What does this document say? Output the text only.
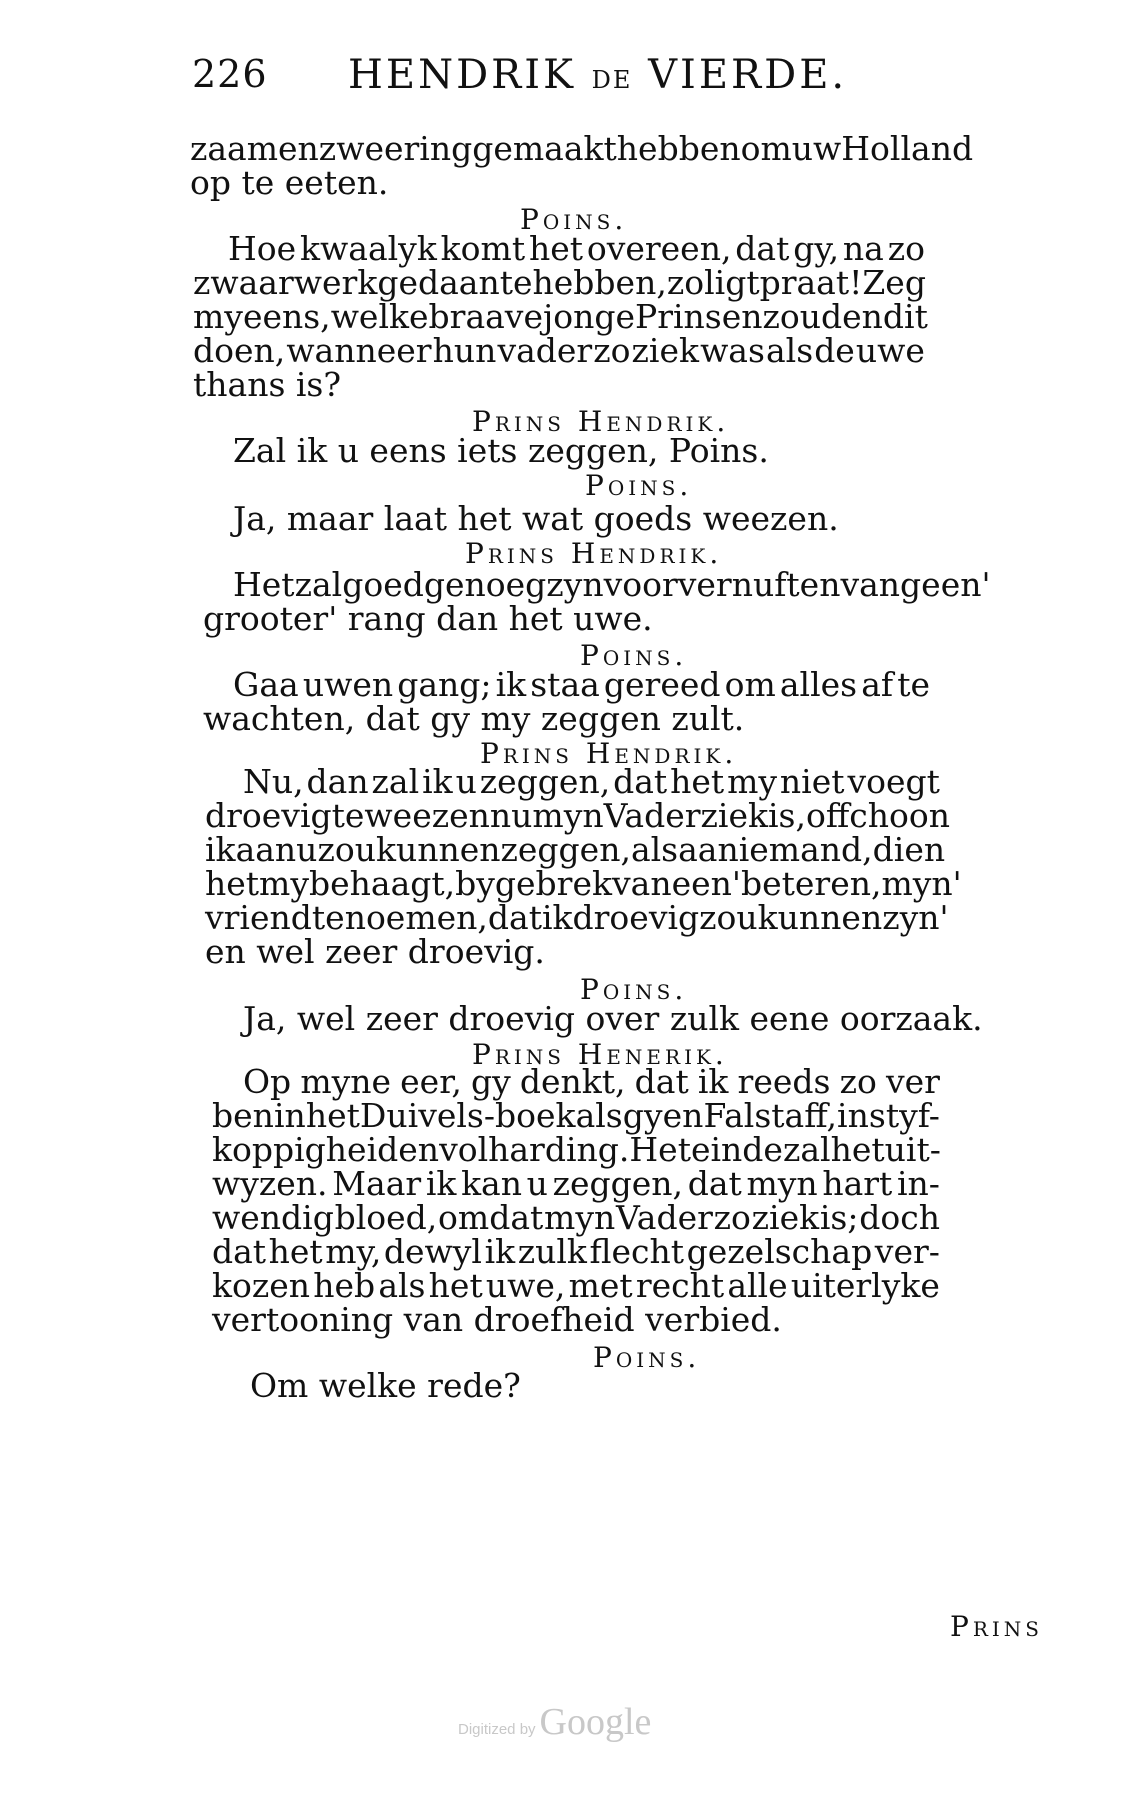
226 HENDRIK DE VIERDE.
zaamenzweering gemaakt hebben om uw Holland
op te eeten.
Poins.
Hoe kwaalyk komt het overeen, dat gy, na zo
zwaar werk gedaan te hebben, zo ligt praat! Zeg
my eens, welke braave jonge Prinsen zouden dit
doen, wanneer hun vader zo ziek was als de uwe
thans is?
Prins Hendrik.
Zal ik u eens iets zeggen, Poins.
Poins.
Ja, maar laat het wat goeds weezen.
Prins Hendrik.
Het zal goed genoeg zyn voor vernuften van geen'
grooter' rang dan het uwe.
Poins.
Gaa uwen gang; ik staa gereed om alles af te
wachten, dat gy my zeggen zult.
Prins Hendrik.
Nu, dan zal ik u zeggen, dat het my niet voegt
droevig te weezen nu myn Vader ziek is, offchoon
ik aan u zou kunnen zeggen, als aan iemand, dien
het my behaagt, by gebrek van een' beteren, myn'
vriend te noemen, dat ik droevig zou kunnen zyn'
en wel zeer droevig.
Poins.
Ja, wel zeer droevig over zulk eene oorzaak.
Prins Henerik.
Op myne eer, gy denkt, dat ik reeds zo ver
ben in het Duivels-boek als gy en Falstaff, in styf-
koppigheid en volharding. Het einde zal het uit-
wyzen. Maar ik kan u zeggen, dat myn hart in-
wendig bloed, omdat myn Vader zo ziek is; doch
dat het my, dewyl ik zulk flecht gezelschap ver-
kozen heb als het uwe, met recht alle uiterlyke
vertooning van droefheid verbied.
Poins.
Om welke rede?
Prins
Digitized by Google
